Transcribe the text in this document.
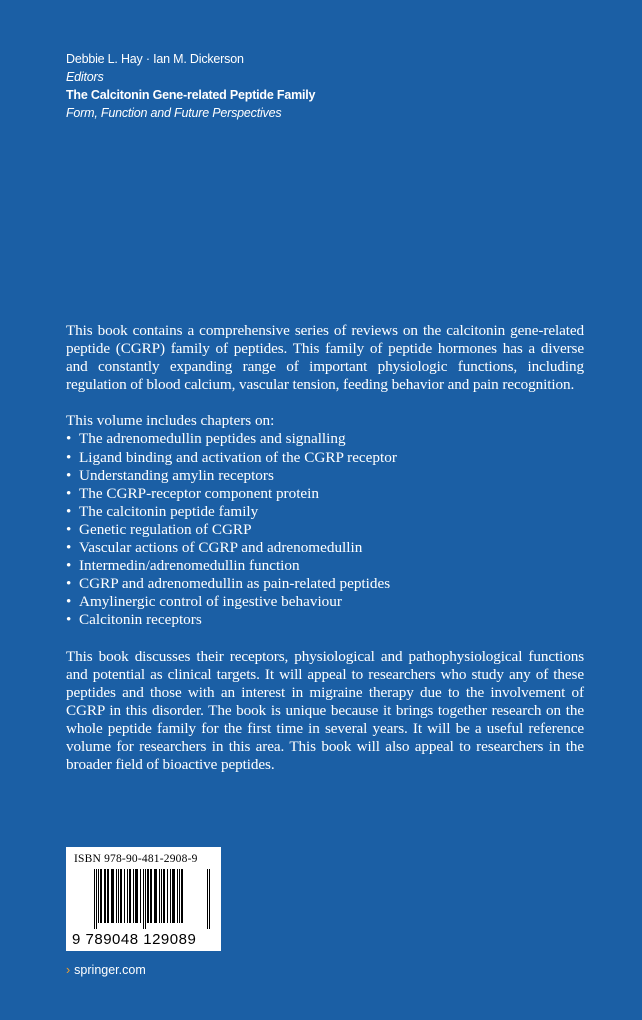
Debbie L. Hay · Ian M. Dickerson
Editors
The Calcitonin Gene-related Peptide Family
Form, Function and Future Perspectives

This book contains a comprehensive series of reviews on the calcitonin gene-related peptide (CGRP) family of peptides. This family of peptide hormones has a diverse and constantly expanding range of important physiologic functions, including regulation of blood calcium, vascular tension, feeding behavior and pain recognition.

This volume includes chapters on:
• The adrenomedullin peptides and signalling
• Ligand binding and activation of the CGRP receptor
• Understanding amylin receptors
• The CGRP-receptor component protein
• The calcitonin peptide family
• Genetic regulation of CGRP
• Vascular actions of CGRP and adrenomedullin
• Intermedin/adrenomedullin function
• CGRP and adrenomedullin as pain-related peptides
• Amylinergic control of ingestive behaviour
• Calcitonin receptors

This book discusses their receptors, physiological and pathophysiological functions and potential as clinical targets. It will appeal to researchers who study any of these peptides and those with an interest in migraine therapy due to the involvement of CGRP in this disorder. The book is unique because it brings together research on the whole peptide family for the first time in several years. It will be a useful reference volume for researchers in this area. This book will also appeal to researchers in the broader field of bioactive peptides.

ISBN 978-90-481-2908-9
9 789048 129089
› springer.com
